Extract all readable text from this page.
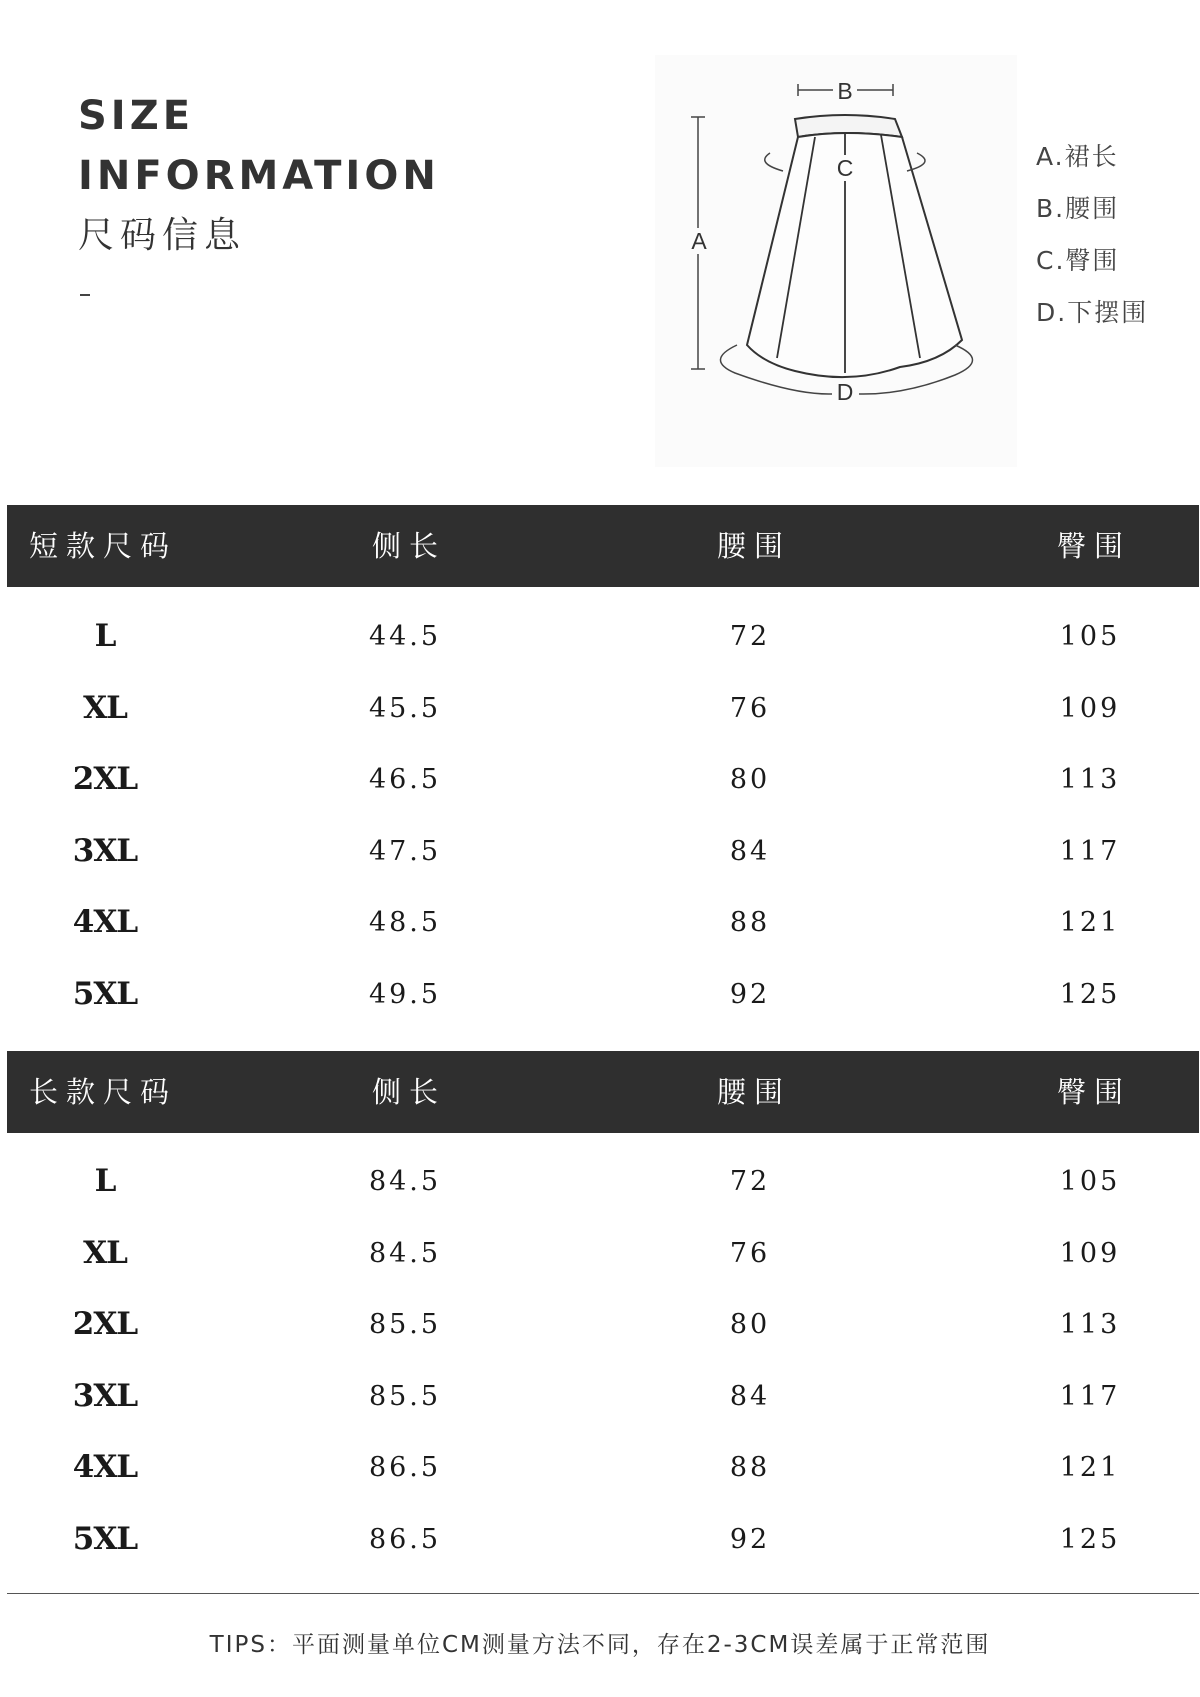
SIZE
INFORMATION
尺码信息
B
A
C
D
A.裙长
B.腰围
C.臀围
D.下摆围
短款尺码	侧长	腰围	臀围
L	44.5	72	105
XL	45.5	76	109
2XL	46.5	80	113
3XL	47.5	84	117
4XL	48.5	88	121
5XL	49.5	92	125
长款尺码	侧长	腰围	臀围
L	84.5	72	105
XL	84.5	76	109
2XL	85.5	80	113
3XL	85.5	84	117
4XL	86.5	88	121
5XL	86.5	92	125
TIPS：平面测量单位CM测量方法不同，存在2-3CM误差属于正常范围
